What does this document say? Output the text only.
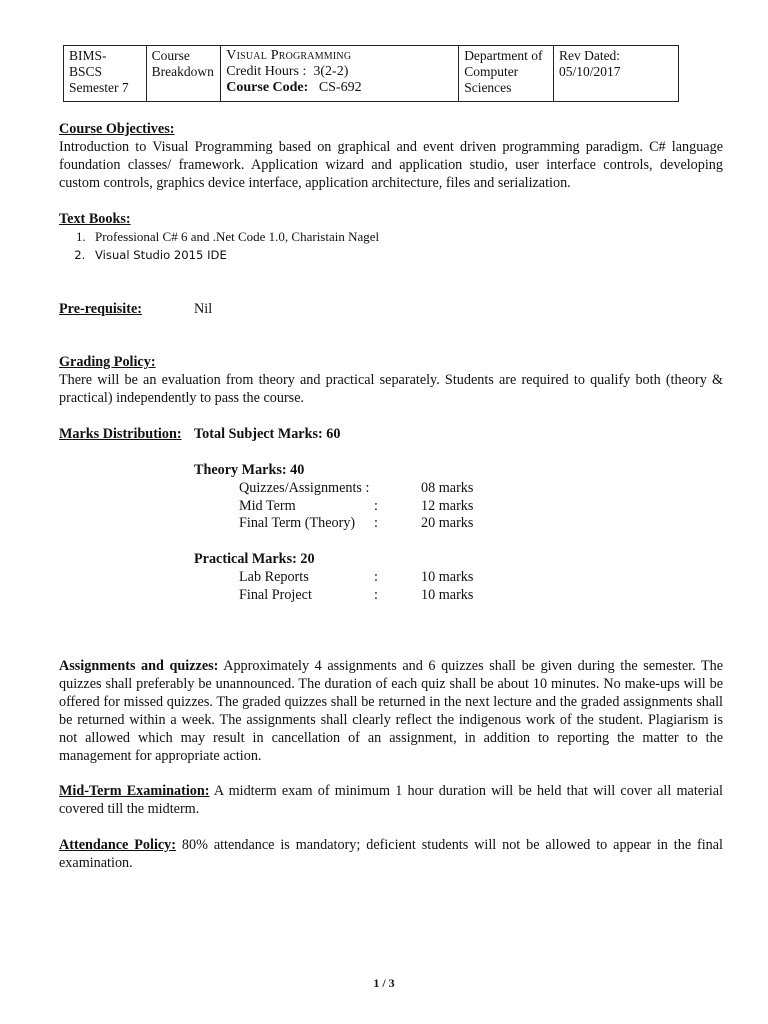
BIMS-
BSCS
Semester 7

Course
Breakdown

Visual Programming
Credit Hours : 3(2-2)
Course Code: CS-692

Department of
Computer
Sciences

Rev Dated:
05/10/2017
Course Objectives:
Introduction to Visual Programming based on graphical and event driven programming paradigm. C# language foundation classes/ framework. Application wizard and application studio, user interface controls, developing custom controls, graphics device interface, application architecture, files and serialization.
Text Books:
1. Professional C# 6 and .Net Code 1.0, Charistain Nagel
2. Visual Studio 2015 IDE
Pre-requisite:	Nil
Grading Policy:
There will be an evaluation from theory and practical separately. Students are required to qualify both (theory & practical) independently to pass the course.
Marks Distribution: Total Subject Marks: 60
Theory Marks: 40
Quizzes/Assignments :	08 marks
Mid Term	:	12 marks
Final Term (Theory) :	20 marks
Practical Marks: 20
Lab Reports	:	10 marks
Final Project	:	10 marks
Assignments and quizzes: Approximately 4 assignments and 6 quizzes shall be given during the semester. The quizzes shall preferably be unannounced. The duration of each quiz shall be about 10 minutes. No make-ups will be offered for missed quizzes. The graded quizzes shall be returned in the next lecture and the graded assignments shall be returned within a week. The assignments shall clearly reflect the indigenous work of the student. Plagiarism is not allowed which may result in cancellation of an assignment, in addition to reporting the matter to the management for appropriate action.
Mid-Term Examination: A midterm exam of minimum 1 hour duration will be held that will cover all material covered till the midterm.
Attendance Policy: 80% attendance is mandatory; deficient students will not be allowed to appear in the final examination.
1 / 3
